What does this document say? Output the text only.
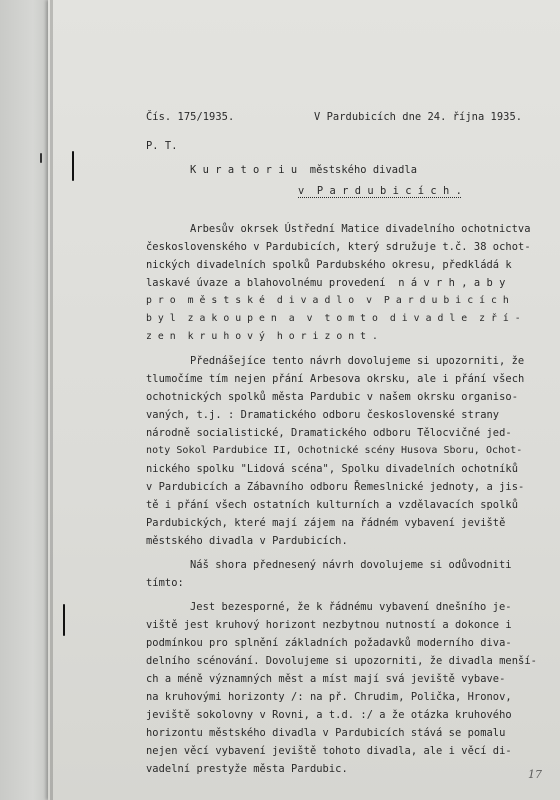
Čís. 175/1935.	V Pardubicích dne 24. října 1935.
P. T.
K u r a t o r i u  městského divadla
v  P a r d u b i c í c h .
Arbesův okrsek Ústřední Matice divadelního ochotnictva
československého v Pardubicích, který sdružuje t.č. 38 ochot-
nických divadelních spolků Pardubského okresu, předkládá k
laskavé úvaze a blahovolnému provedení  n á v r h , a b y
p r o  m ě s t s k é  d i v a d l o  v  P a r d u b i c í c h
b y l  z a k o u p e n  a  v  t o m t o  d i v a d l e  z ř í -
z e n  k r u h o v ý  h o r i z o n t .
Přednášejíce tento návrh dovolujeme si upozorniti, že
tlumočíme tím nejen přání Arbesova okrsku, ale i přání všech
ochotnických spolků města Pardubic v našem okrsku organiso-
vaných, t.j. : Dramatického odboru československé strany
národně socialistické, Dramatického odboru Tělocvičné jed-
noty Sokol Pardubice II, Ochotnické scény Husova Sboru, Ochot-
nického spolku "Lidová scéna", Spolku divadelních ochotníků
v Pardubicích a Zábavního odboru Řemeslnické jednoty, a jis-
tě i přání všech ostatních kulturních a vzdělavacích spolků
Pardubických, které mají zájem na řádném vybavení jeviště
městského divadla v Pardubicích.
Náš shora přednesený návrh dovolujeme si odůvodniti
tímto:
Jest bezesporné, že k řádnému vybavení dnešního je-
viště jest kruhový horizont nezbytnou nutností a dokonce i
podmínkou pro splnění základních požadavků moderního diva-
delního scénování. Dovolujeme si upozorniti, že divadla menší-
ch a méně významných měst a míst mají svá jeviště vybave-
na kruhovými horizonty /: na př. Chrudim, Polička, Hronov,
jeviště sokolovny v Rovni, a t.d. :/ a že otázka kruhového
horizontu městského divadla v Pardubicích stává se pomalu
nejen věcí vybavení jeviště tohoto divadla, ale i věcí di-
vadelní prestyže města Pardubic.	17
